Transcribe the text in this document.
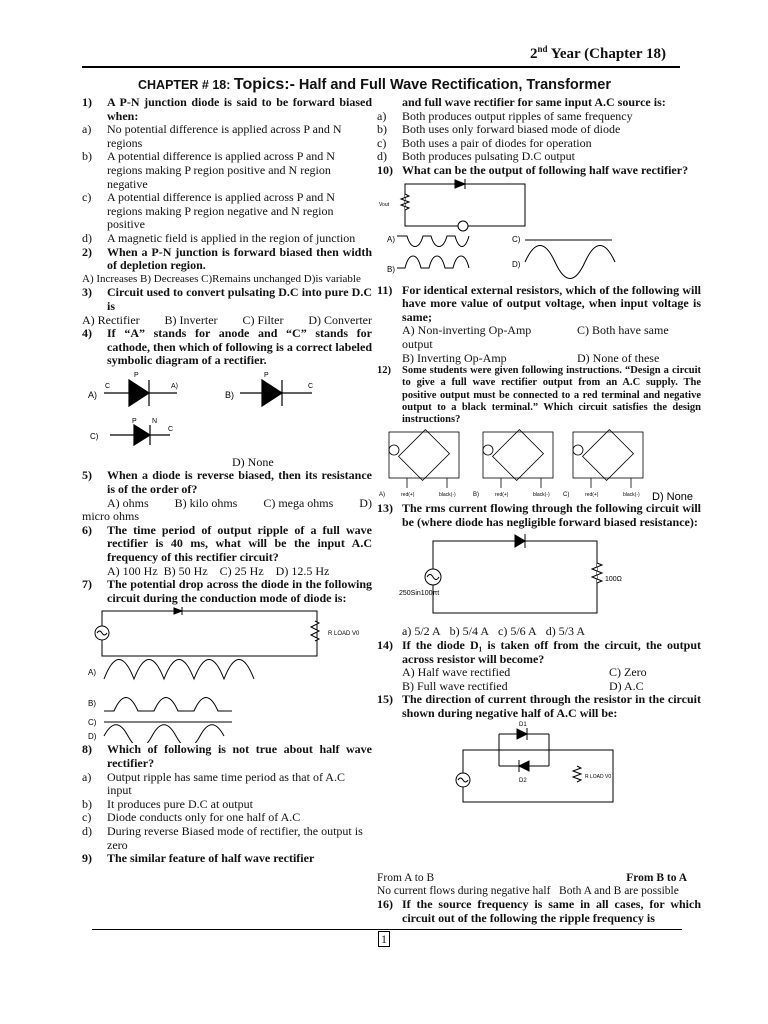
2nd Year (Chapter 18)
CHAPTER # 18: Topics:- Half and Full Wave Rectification, Transformer
1)	A P-N junction diode is said to be forward biased when:
a)	No potential difference is applied across P and N regions
b)	A potential difference is applied across P and N regions making P region positive and N region negative
c)	A potential difference is applied across P and N regions making P region negative and N region positive
d)	A magnetic field is applied in the region of junction
2)	When a P-N junction is forward biased then width of depletion region.
A) Increases B) Decreases C)Remains unchanged D)is variable
3)	Circuit used to convert pulsating D.C into pure D.C is
A) Rectifier B) Inverter C) Filter D) Converter
4)	If “A” stands for anode and “C” stands for cathode, then which of following is a correct labeled symbolic diagram of a rectifier.
A)
C
P
A)
B)
P
C
C)
P N
C
D) None
5)	When a diode is reverse biased, then its resistance is of the order of?
A) ohms B) kilo ohms C) mega ohms D)
micro ohms
6)	The time period of output ripple of a full wave rectifier is 40 ms, what will be the input A.C frequency of this rectifier circuit?
A) 100 Hz B) 50 Hz C) 25 Hz D) 12.5 Hz
7)	The potential drop across the diode in the following circuit during the conduction mode of diode is:
R LOAD V0
A)
B)
C)
D)
8)	Which of following is not true about half wave rectifier?
a)	Output ripple has same time period as that of A.C input
b)	It produces pure D.C at output
c)	Diode conducts only for one half of A.C
d)	During reverse Biased mode of rectifier, the output is zero
9)	The similar feature of half wave rectifier
and full wave rectifier for same input A.C source is:
a)	Both produces output ripples of same frequency
b)	Both uses only forward biased mode of diode
c)	Both uses a pair of diodes for operation
d)	Both produces pulsating D.C output
10) What can be the output of following half wave rectifier?
Vout
A)
B)
C)
D)
11) For identical external resistors, which of the following will have more value of output voltage, when input voltage is same;
A) Non-inverting Op-Amp	C) Both have same
output
B) Inverting Op-Amp	D) None of these
12)	Some students were given following instructions. “Design a circuit to give a full wave rectifier output from an A.C supply. The positive output must be connected to a red terminal and negative output to a black terminal.” Which circuit satisfies the design instructions?
A)	red(+)	black(-)	B)	red(+)	black(-) C)	red(+)	black(-) D) None
13) The rms current flowing through the following circuit will be (where diode has negligible forward biased resistance):
250Sin100πt
100Ω
a) 5/2 A b) 5/4 A c) 5/6 A d) 5/3 A
14) If the diode D₁ is taken off from the circuit, the output across resistor will become?
A) Half wave rectified	C) Zero
B) Full wave rectified	D) A.C
15) The direction of current through the resistor in the circuit shown during negative half of A.C will be:
D1
D2
R LOAD V0
From A to B	From B to A
No current flows during negative half
Both A and B are possible
16) If the source frequency is same in all cases, for which circuit out of the following the ripple frequency is
1
